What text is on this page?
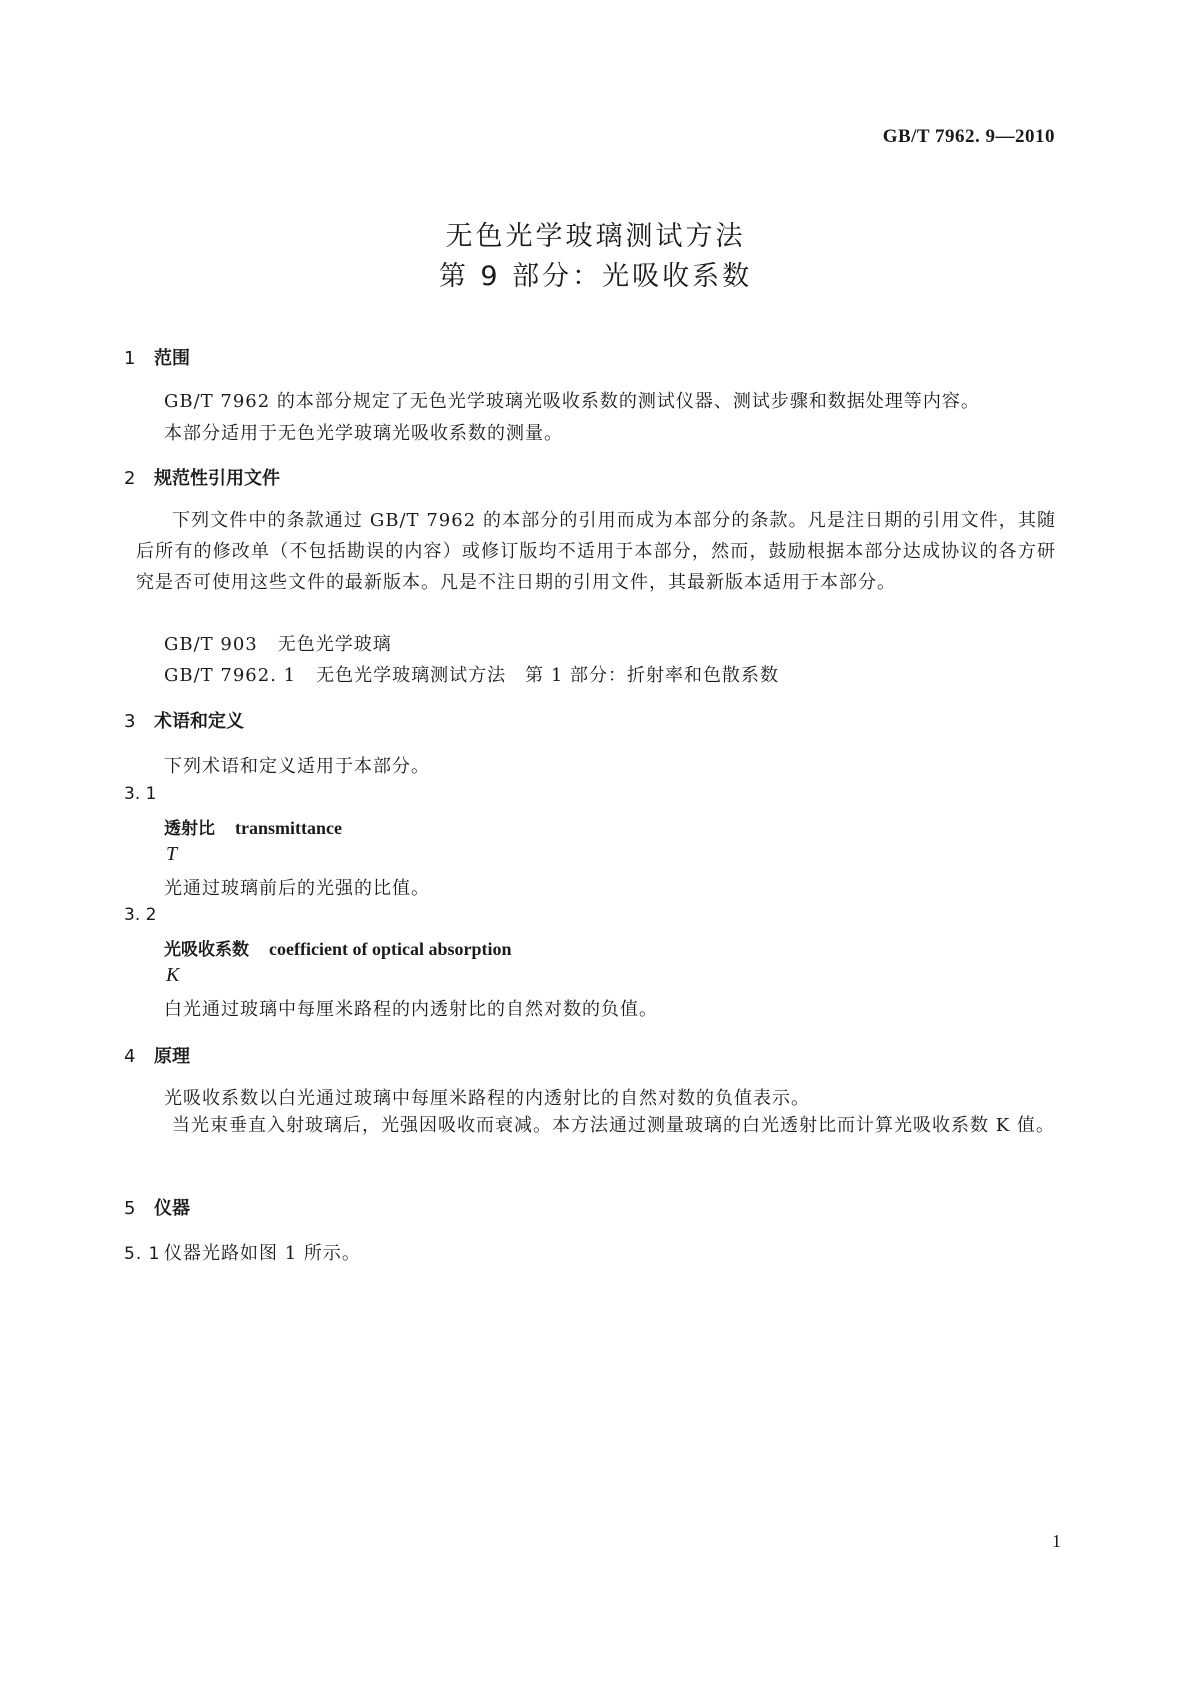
GB/T 7962. 9—2010
无色光学玻璃测试方法
第 9 部分：光吸收系数
1 范围
GB/T 7962 的本部分规定了无色光学玻璃光吸收系数的测试仪器、测试步骤和数据处理等内容。
本部分适用于无色光学玻璃光吸收系数的测量。
2 规范性引用文件
下列文件中的条款通过 GB/T 7962 的本部分的引用而成为本部分的条款。凡是注日期的引用文件，其随后所有的修改单（不包括勘误的内容）或修订版均不适用于本部分，然而，鼓励根据本部分达成协议的各方研究是否可使用这些文件的最新版本。凡是不注日期的引用文件，其最新版本适用于本部分。
GB/T 903 无色光学玻璃
GB/T 7962. 1 无色光学玻璃测试方法　第 1 部分：折射率和色散系数
3 术语和定义
下列术语和定义适用于本部分。
3. 1
透射比 transmittance
T
光通过玻璃前后的光强的比值。
3. 2
光吸收系数 coefficient of optical absorption
K
白光通过玻璃中每厘米路程的内透射比的自然对数的负值。
4 原理
光吸收系数以白光通过玻璃中每厘米路程的内透射比的自然对数的负值表示。
当光束垂直入射玻璃后，光强因吸收而衰减。本方法通过测量玻璃的白光透射比而计算光吸收系数 K 值。
5 仪器
5. 1 仪器光路如图 1 所示。
1
